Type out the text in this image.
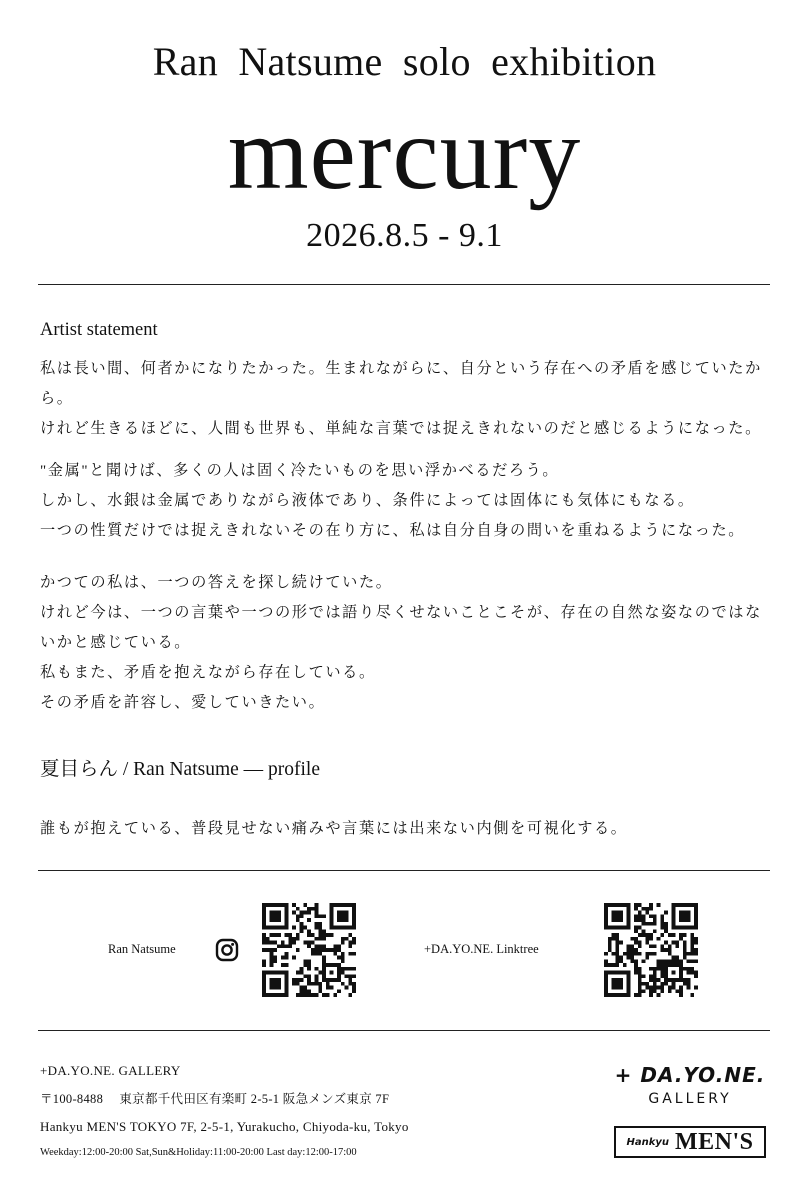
Ran Natsume solo exhibition
mercury
2026.8.5 - 9.1
Artist statement

私は長い間、何者かになりたかった。生まれながらに、自分という存在への矛盾を感じていたから。

けれど生きるほどに、人間も世界も、単純な言葉では捉えきれないのだと感じるようになった。

"金属"と聞けば、多くの人は固く冷たいものを思い浮かべるだろう。

しかし、水銀は金属でありながら液体であり、条件によっては固体にも気体にもなる。

一つの性質だけでは捉えきれないその在り方に、私は自分自身の問いを重ねるようになった。

かつての私は、一つの答えを探し続けていた。

けれど今は、一つの言葉や一つの形では語り尽くせないことこそが、存在の自然な姿なのではないかと感じている。

私もまた、矛盾を抱えながら存在している。

その矛盾を許容し、愛していきたい。

夏目らん / Ran Natsume ― profile
誰もが抱えている、普段見せない痛みや言葉には出来ない内側を可視化する。
Ran Natsume	+DA.YO.NE. Linktree
+DA.YO.NE. GALLERY
〒100-8488　 東京都千代田区有楽町 2-5-1 阪急メンズ東京 7F
Hankyu MEN'S TOKYO 7F, 2-5-1, Yurakucho, Chiyoda-ku, Tokyo
Weekday:12:00-20:00 Sat,Sun&Holiday:11:00-20:00 Last day:12:00-17:00
+ DA.YO.NE.
GALLERY
Hankyu MEN'S
